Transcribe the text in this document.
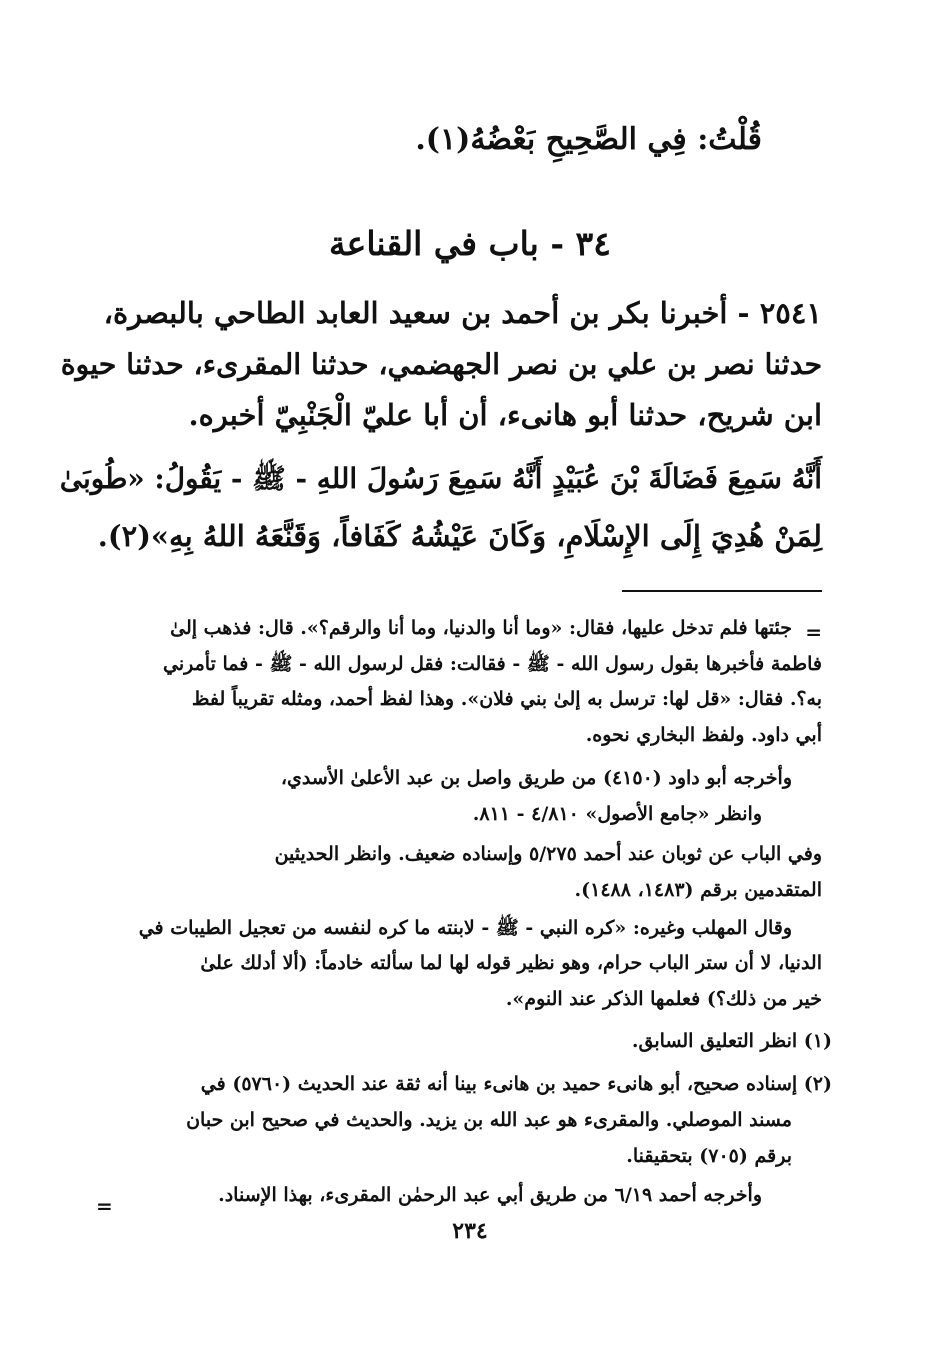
قُلْتُ: فِي الصَّحِيحِ بَعْضُهُ(١).
٣٤ - باب في القناعة
٢٥٤١ - أخبرنا بكر بن أحمد بن سعيد العابد الطاحي بالبصرة،
حدثنا نصر بن علي بن نصر الجهضمي، حدثنا المقرىء، حدثنا حيوة
ابن شريح، حدثنا أبو هانىء، أن أبا عليّ الْجَنْبِيّ أخبره.
أَنَّهُ سَمِعَ فَضَالَةَ بْنَ عُبَيْدٍ أَنَّهُ سَمِعَ رَسُولَ اللهِ - ﷺ - يَقُولُ: «طُوبَىٰ
لِمَنْ هُدِيَ إِلَى الإِسْلَامِ، وَكَانَ عَيْشُهُ كَفَافاً، وَقَنَّعَهُ اللهُ بِهِ»(٢).
=
جئتها فلم تدخل عليها، فقال: «وما أنا والدنيا، وما أنا والرقم؟». قال: فذهب إلىٰ
فاطمة فأخبرها بقول رسول الله - ﷺ - فقالت: فقل لرسول الله - ﷺ - فما تأمرني
به؟. فقال: «قل لها: ترسل به إلىٰ بني فلان». وهذا لفظ أحمد، ومثله تقريباً لفظ
أبي داود. ولفظ البخاري نحوه.
وأخرجه أبو داود (٤١٥٠) من طريق واصل بن عبد الأعلىٰ الأسدي،
وانظر «جامع الأصول» ٤/٨١٠ - ٨١١.
وفي الباب عن ثوبان عند أحمد ٥/٢٧٥ وإسناده ضعيف. وانظر الحديثين
المتقدمين برقم (١٤٨٣، ١٤٨٨).
وقال المهلب وغيره: «كره النبي - ﷺ - لابنته ما كره لنفسه من تعجيل الطيبات في
الدنيا، لا أن ستر الباب حرام، وهو نظير قوله لها لما سألته خادماً: (ألا أدلك علىٰ
خير من ذلك؟) فعلمها الذكر عند النوم».
(١) انظر التعليق السابق.
(٢) إسناده صحيح، أبو هانىء حميد بن هانىء بينا أنه ثقة عند الحديث (٥٧٦٠) في
مسند الموصلي. والمقرىء هو عبد الله بن يزيد. والحديث في صحيح ابن حبان
برقم (٧٠٥) بتحقيقنا.
وأخرجه أحمد ٦/١٩ من طريق أبي عبد الرحمٰن المقرىء، بهذا الإسناد.
=
٢٣٤
